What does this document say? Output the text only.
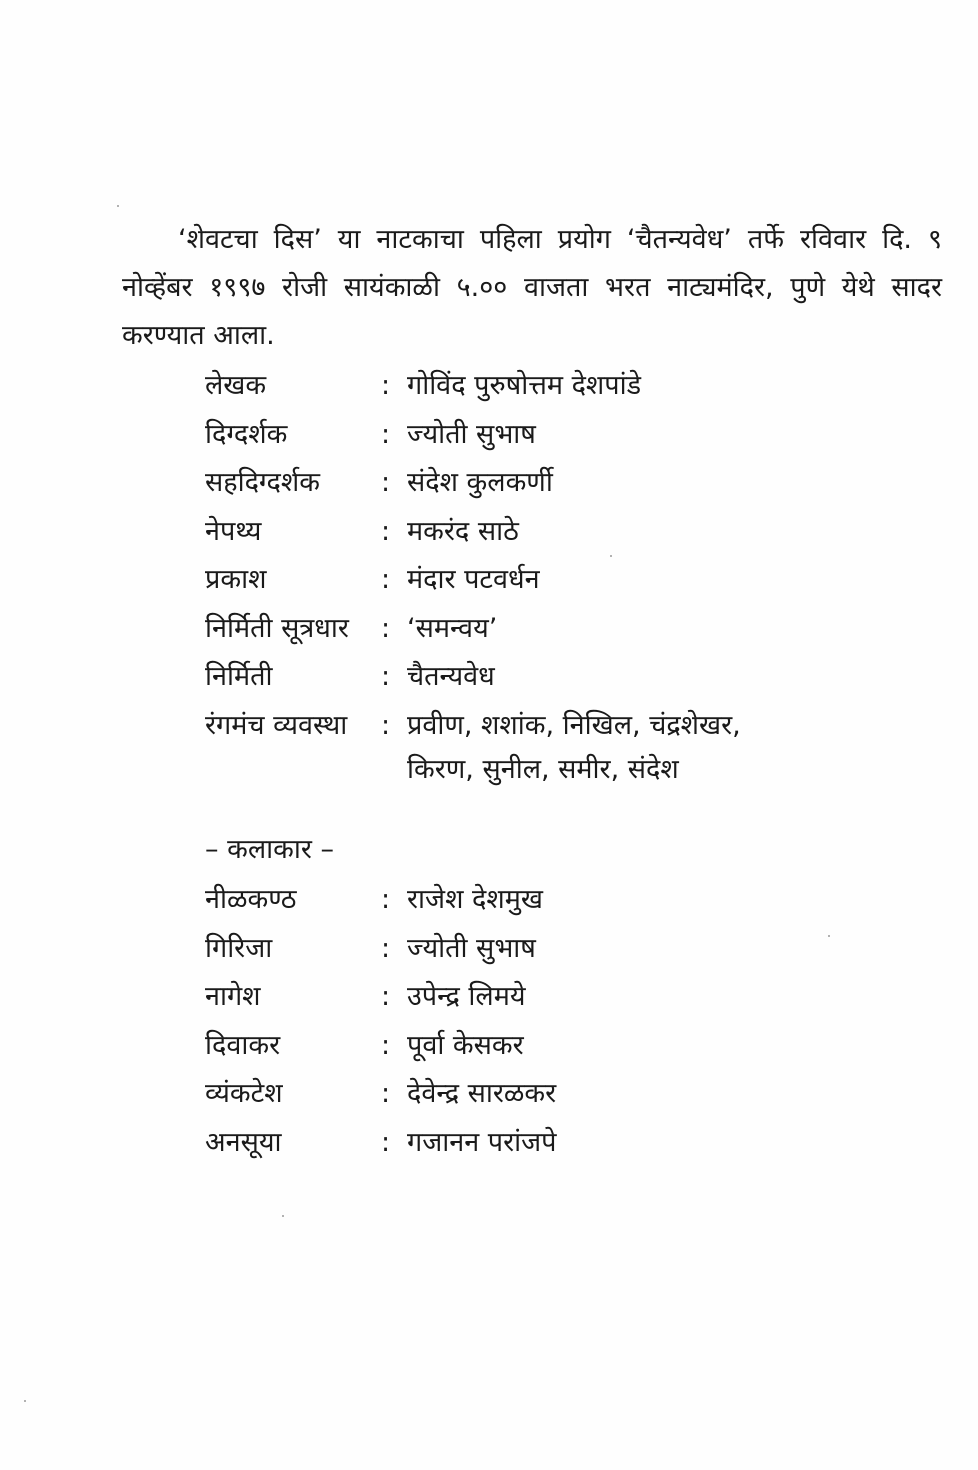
‘शेवटचा दिस’ या नाटकाचा पहिला प्रयोग ‘चैतन्यवेध’ तर्फे रविवार दि. ९ नोव्हेंबर १९९७ रोजी सायंकाळी ५.०० वाजता भरत नाट्यमंदिर, पुणे येथे सादर करण्यात आला.

लेखक	: गोविंद पुरुषोत्तम देशपांडे
दिग्दर्शक	: ज्योती सुभाष
सहदिग्दर्शक	: संदेश कुलकर्णी
नेपथ्य	: मकरंद साठे
प्रकाश	: मंदार पटवर्धन
निर्मिती सूत्रधार	: ‘समन्वय’
निर्मिती	: चैतन्यवेध
रंगमंच व्यवस्था	: प्रवीण, शशांक, निखिल, चंद्रशेखर,
किरण, सुनील, समीर, संदेश
– कलाकार –
नीळकण्ठ	: राजेश देशमुख
गिरिजा	: ज्योती सुभाष
नागेश	: उपेन्द्र लिमये
दिवाकर	: पूर्वा केसकर
व्यंकटेश	: देवेन्द्र सारळकर
अनसूया	: गजानन परांजपे
